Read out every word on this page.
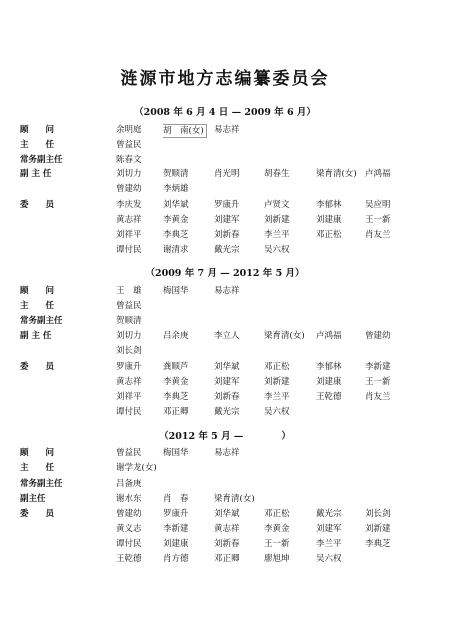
涟源市地方志编纂委员会
（2008 年 6 月 4 日 — 2009 年 6 月）
顾　　问	余明庭	胡　南(女)	易志祥
主　　任	曾益民
常务副主任	陈春文
副 主 任	刘切力	贺顺清	肖光明	胡春生	梁育清(女) 卢鸿福
曾建幼	李炳雄
委　　员	李庆发	刘华斌	罗康升	卢贤文	李郁林	吴应明
黄志祥	李黄金	刘建军	刘新建	刘建康	王一新
刘祥平	李典芝	刘新春	李兰平	邓正松	肖友兰
谭付民	谢清求	戴光宗	吴六权
（2009 年 7 月 — 2012 年 5 月）
顾　　问	王　雄	梅国华	易志祥
主　　任	曾益民
常务副主任	贺顺清
副 主 任	刘切力	吕余庚	李立人	梁育清(女) 卢鸿福	曾建幼
刘长剑
委　　员	罗康升	龚顺芦	刘华斌	邓正松	李郁林	李新建
黄志祥	李黄金	刘建军	刘新建	刘建康	王一新
刘祥平	李典芝	刘新春	李兰平	王乾德	肖友兰
谭付民	邓正卿	戴光宗	吴六权
（2012 年 5 月 —　　　　）
顾　　问	曾益民	梅国华	易志祥
主　　任	谢学龙(女)
常务副主任	吕备庚
副主任	谢水东	肖　春	梁育清(女)
委　　员	曾建幼	罗康升	刘华斌	邓正松	戴光宗	刘长剑
黄义志	李新建	黄志祥	李黄金	刘建军	刘新建
谭付民	刘建康	刘新春	王一新	李兰平	李典芝
王乾德	肖方德	邓正卿	廖旭坤	吴六权
